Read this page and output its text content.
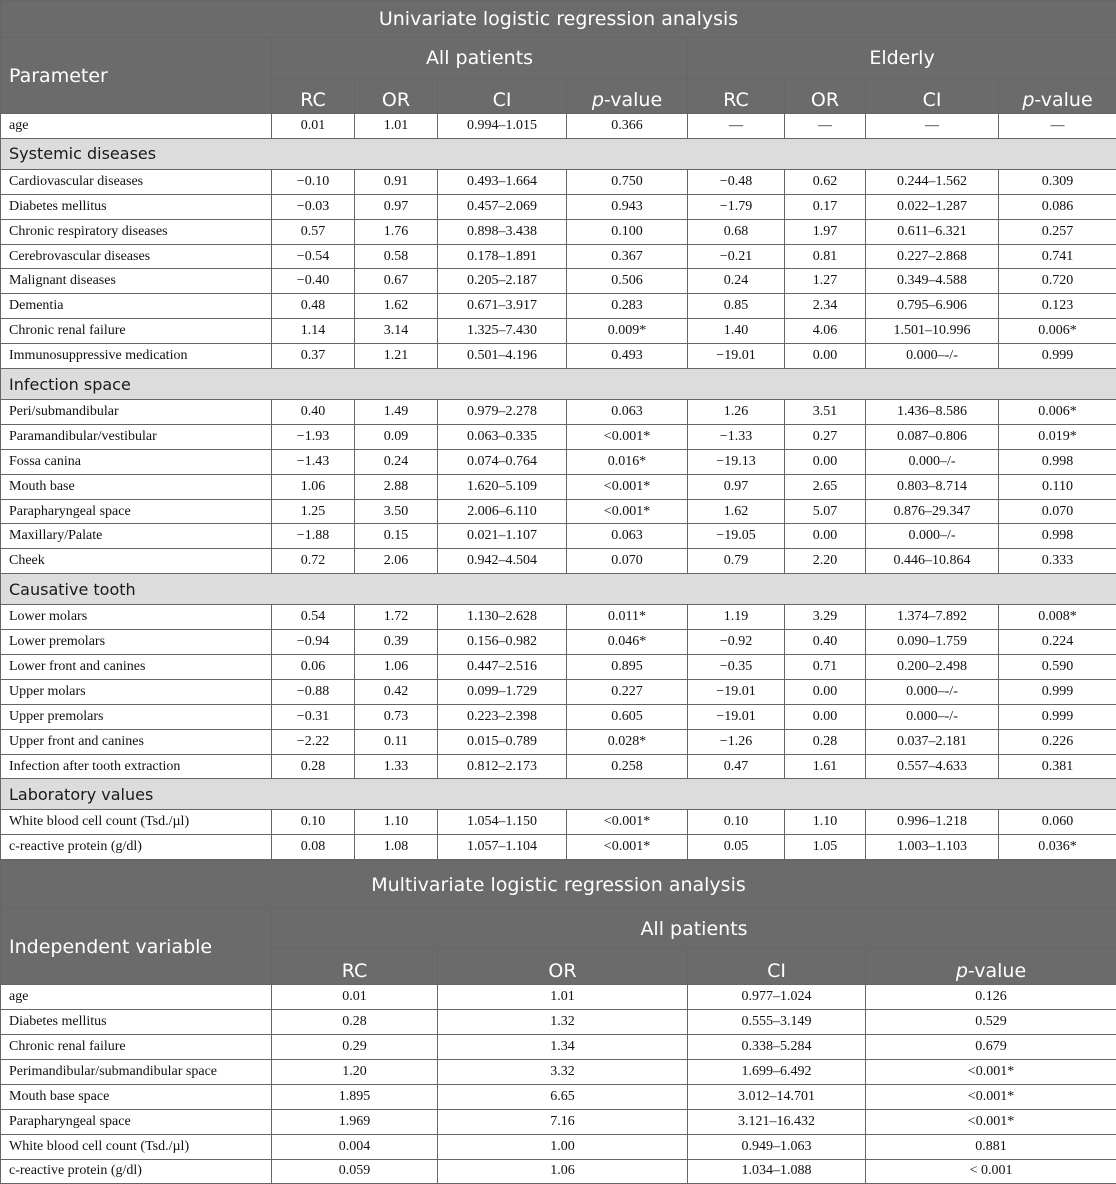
Univariate logistic regression analysis								
Parameter	All patients				Elderly			
	RC	OR	CI	p-value	RC	OR	CI	p-value
age	0.01	1.01	0.994–1.015	0.366	—	—	—	—
Systemic diseases								
Cardiovascular diseases	−0.10	0.91	0.493–1.664	0.750	−0.48	0.62	0.244–1.562	0.309
Diabetes mellitus	−0.03	0.97	0.457–2.069	0.943	−1.79	0.17	0.022–1.287	0.086
Chronic respiratory diseases	0.57	1.76	0.898–3.438	0.100	0.68	1.97	0.611–6.321	0.257
Cerebrovascular diseases	−0.54	0.58	0.178–1.891	0.367	−0.21	0.81	0.227–2.868	0.741
Malignant diseases	−0.40	0.67	0.205–2.187	0.506	0.24	1.27	0.349–4.588	0.720
Dementia	0.48	1.62	0.671–3.917	0.283	0.85	2.34	0.795–6.906	0.123
Chronic renal failure	1.14	3.14	1.325–7.430	0.009*	1.40	4.06	1.501–10.996	0.006*
Immunosuppressive medication	0.37	1.21	0.501–4.196	0.493	−19.01	0.00	0.000–-/-	0.999
Infection space								
Peri/submandibular	0.40	1.49	0.979–2.278	0.063	1.26	3.51	1.436–8.586	0.006*
Paramandibular/vestibular	−1.93	0.09	0.063–0.335	<0.001*	−1.33	0.27	0.087–0.806	0.019*
Fossa canina	−1.43	0.24	0.074–0.764	0.016*	−19.13	0.00	0.000–/-	0.998
Mouth base	1.06	2.88	1.620–5.109	<0.001*	0.97	2.65	0.803–8.714	0.110
Parapharyngeal space	1.25	3.50	2.006–6.110	<0.001*	1.62	5.07	0.876–29.347	0.070
Maxillary/Palate	−1.88	0.15	0.021–1.107	0.063	−19.05	0.00	0.000–/-	0.998
Cheek	0.72	2.06	0.942–4.504	0.070	0.79	2.20	0.446–10.864	0.333
Causative tooth								
Lower molars	0.54	1.72	1.130–2.628	0.011*	1.19	3.29	1.374–7.892	0.008*
Lower premolars	−0.94	0.39	0.156–0.982	0.046*	−0.92	0.40	0.090–1.759	0.224
Lower front and canines	0.06	1.06	0.447–2.516	0.895	−0.35	0.71	0.200–2.498	0.590
Upper molars	−0.88	0.42	0.099–1.729	0.227	−19.01	0.00	0.000–-/-	0.999
Upper premolars	−0.31	0.73	0.223–2.398	0.605	−19.01	0.00	0.000–-/-	0.999
Upper front and canines	−2.22	0.11	0.015–0.789	0.028*	−1.26	0.28	0.037–2.181	0.226
Infection after tooth extraction	0.28	1.33	0.812–2.173	0.258	0.47	1.61	0.557–4.633	0.381
Laboratory values								
White blood cell count (Tsd./µl)	0.10	1.10	1.054–1.150	<0.001*	0.10	1.10	0.996–1.218	0.060
c-reactive protein (g/dl)	0.08	1.08	1.057–1.104	<0.001*	0.05	1.05	1.003–1.103	0.036*
Multivariate logistic regression analysis				
Independent variable	All patients			
	RC	OR	CI	p-value
age	0.01	1.01	0.977–1.024	0.126
Diabetes mellitus	0.28	1.32	0.555–3.149	0.529
Chronic renal failure	0.29	1.34	0.338–5.284	0.679
Perimandibular/submandibular space	1.20	3.32	1.699–6.492	<0.001*
Mouth base space	1.895	6.65	3.012–14.701	<0.001*
Parapharyngeal space	1.969	7.16	3.121–16.432	<0.001*
White blood cell count (Tsd./µl)	0.004	1.00	0.949–1.063	0.881
c-reactive protein (g/dl)	0.059	1.06	1.034–1.088	< 0.001
